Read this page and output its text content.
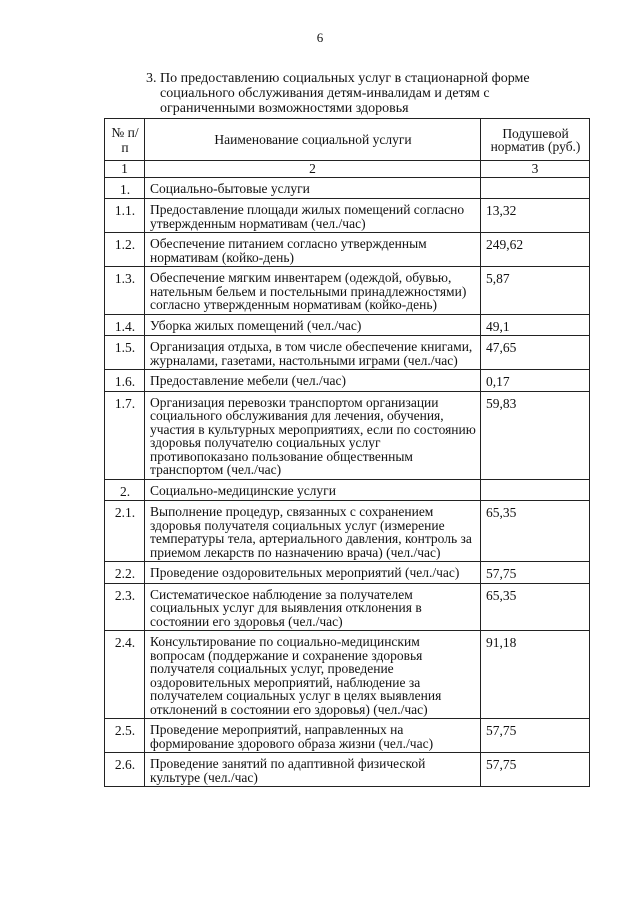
6
3. По предоставлению социальных услуг в стационарной форме
социального обслуживания детям-инвалидам и детям с
ограниченными возможностями здоровья
№ п/п	Наименование социальной услуги	Подушевой норматив (руб.)
1	2	3
1.	Социально-бытовые услуги	
1.1.	Предоставление площади жилых помещений согласно утвержденным нормативам (чел./час)	13,32
1.2.	Обеспечение питанием согласно утвержденным нормативам (койко-день)	249,62
1.3.	Обеспечение мягким инвентарем (одеждой, обувью, нательным бельем и постельными принадлежностями) согласно утвержденным нормативам (койко-день)	5,87
1.4.	Уборка жилых помещений (чел./час)	49,1
1.5.	Организация отдыха, в том числе обеспечение книгами, журналами, газетами, настольными играми (чел./час)	47,65
1.6.	Предоставление мебели (чел./час)	0,17
1.7.	Организация перевозки транспортом организации социального обслуживания для лечения, обучения, участия в культурных мероприятиях, если по состоянию здоровья получателю социальных услуг противопоказано пользование общественным транспортом (чел./час)	59,83
2.	Социально-медицинские услуги	
2.1.	Выполнение процедур, связанных с сохранением здоровья получателя социальных услуг (измерение температуры тела, артериального давления, контроль за приемом лекарств по назначению врача) (чел./час)	65,35
2.2.	Проведение оздоровительных мероприятий (чел./час)	57,75
2.3.	Систематическое наблюдение за получателем социальных услуг для выявления отклонения в состоянии его здоровья (чел./час)	65,35
2.4.	Консультирование по социально-медицинским вопросам (поддержание и сохранение здоровья получателя социальных услуг, проведение оздоровительных мероприятий, наблюдение за получателем социальных услуг в целях выявления отклонений в состоянии его здоровья) (чел./час)	91,18
2.5.	Проведение мероприятий, направленных на формирование здорового образа жизни (чел./час)	57,75
2.6.	Проведение занятий по адаптивной физической культуре (чел./час)	57,75
